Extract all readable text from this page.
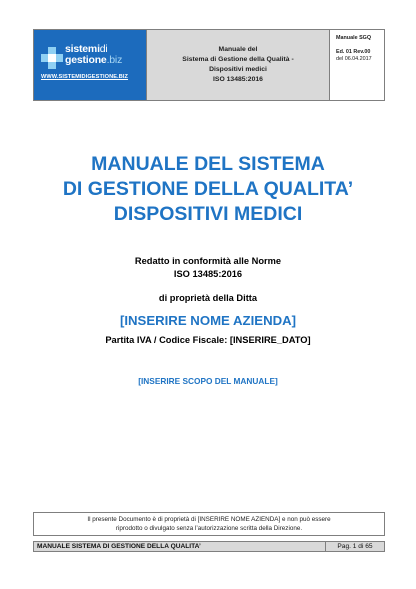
sistemidi
gestione.biz
WWW.SISTEMIDIGESTIONE.BIZ
Manuale del
Sistema di Gestione della Qualità -
Dispositivi medici
ISO 13485:2016
Manuale SGQ
Ed. 01 Rev.00
del 06.04.2017
MANUALE DEL SISTEMA
DI GESTIONE DELLA QUALITA’
DISPOSITIVI MEDICI
Redatto in conformità alle Norme
ISO 13485:2016
di proprietà della Ditta
[INSERIRE NOME AZIENDA]
Partita IVA / Codice Fiscale: [INSERIRE_DATO]
[INSERIRE SCOPO DEL MANUALE]
Il presente Documento è di proprietà di [INSERIRE NOME AZIENDA] e non può essere
riprodotto o divulgato senza l’autorizzazione scritta della Direzione.
MANUALE SISTEMA DI GESTIONE DELLA QUALITA’	Pag. 1 di 65
